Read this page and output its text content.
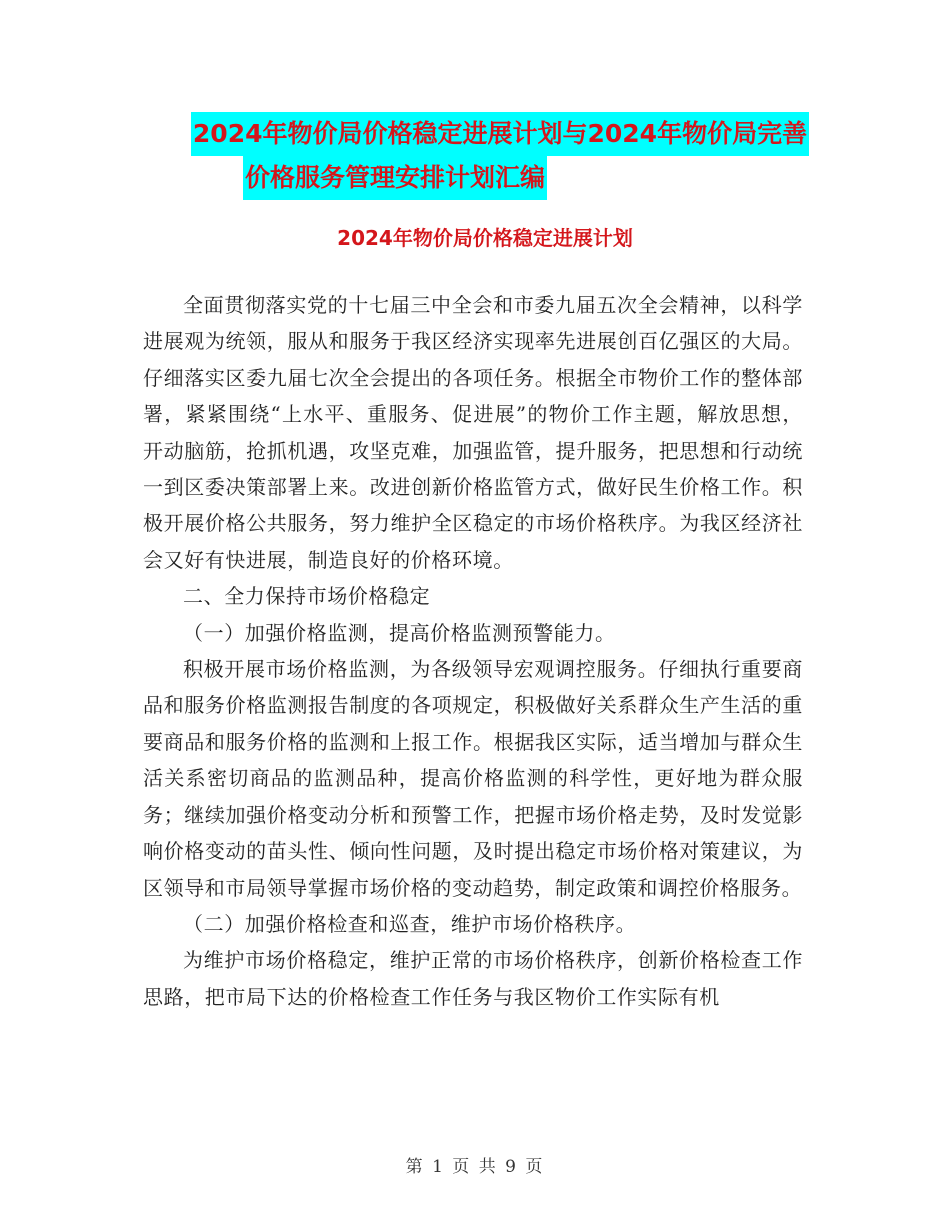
2024年物价局价格稳定进展计划与2024年物价局完善
价格服务管理安排计划汇编
2024年物价局价格稳定进展计划

全面贯彻落实党的十七届三中全会和市委九届五次全会精神，以科学进展观为统领，服从和服务于我区经济实现率先进展创百亿强区的大局。仔细落实区委九届七次全会提出的各项任务。根据全市物价工作的整体部署，紧紧围绕“上水平、重服务、促进展”的物价工作主题，解放思想，开动脑筋，抢抓机遇，攻坚克难，加强监管，提升服务，把思想和行动统一到区委决策部署上来。改进创新价格监管方式，做好民生价格工作。积极开展价格公共服务，努力维护全区稳定的市场价格秩序。为我区经济社会又好有快进展，制造良好的价格环境。

二、全力保持市场价格稳定

（一）加强价格监测，提高价格监测预警能力。

积极开展市场价格监测，为各级领导宏观调控服务。仔细执行重要商品和服务价格监测报告制度的各项规定，积极做好关系群众生产生活的重要商品和服务价格的监测和上报工作。根据我区实际，适当增加与群众生活关系密切商品的监测品种，提高价格监测的科学性，更好地为群众服务；继续加强价格变动分析和预警工作，把握市场价格走势，及时发觉影响价格变动的苗头性、倾向性问题，及时提出稳定市场价格对策建议，为区领导和市局领导掌握市场价格的变动趋势，制定政策和调控价格服务。

（二）加强价格检查和巡查，维护市场价格秩序。

为维护市场价格稳定，维护正常的市场价格秩序，创新价格检查工作思路，把市局下达的价格检查工作任务与我区物价工作实际有机

第 1 页 共 9 页
